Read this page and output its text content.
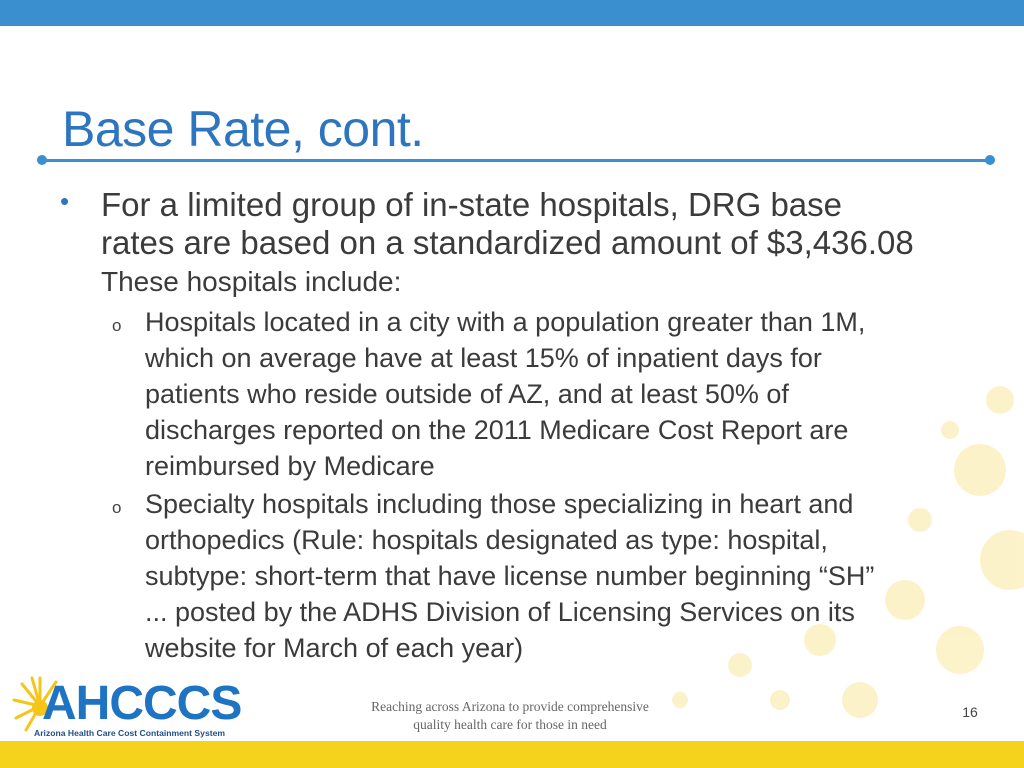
Base Rate, cont.
• For a limited group of in-state hospitals, DRG base
rates are based on a standardized amount of $3,436.08
These hospitals include:
o Hospitals located in a city with a population greater than 1M,
which on average have at least 15% of inpatient days for
patients who reside outside of AZ, and at least 50% of
discharges reported on the 2011 Medicare Cost Report are
reimbursed by Medicare
o Specialty hospitals including those specializing in heart and
orthopedics (Rule: hospitals designated as type: hospital,
subtype: short-term that have license number beginning “SH”
... posted by the ADHS Division of Licensing Services on its
website for March of each year)
AHCCCS
Arizona Health Care Cost Containment System
Reaching across Arizona to provide comprehensive
quality health care for those in need
16
